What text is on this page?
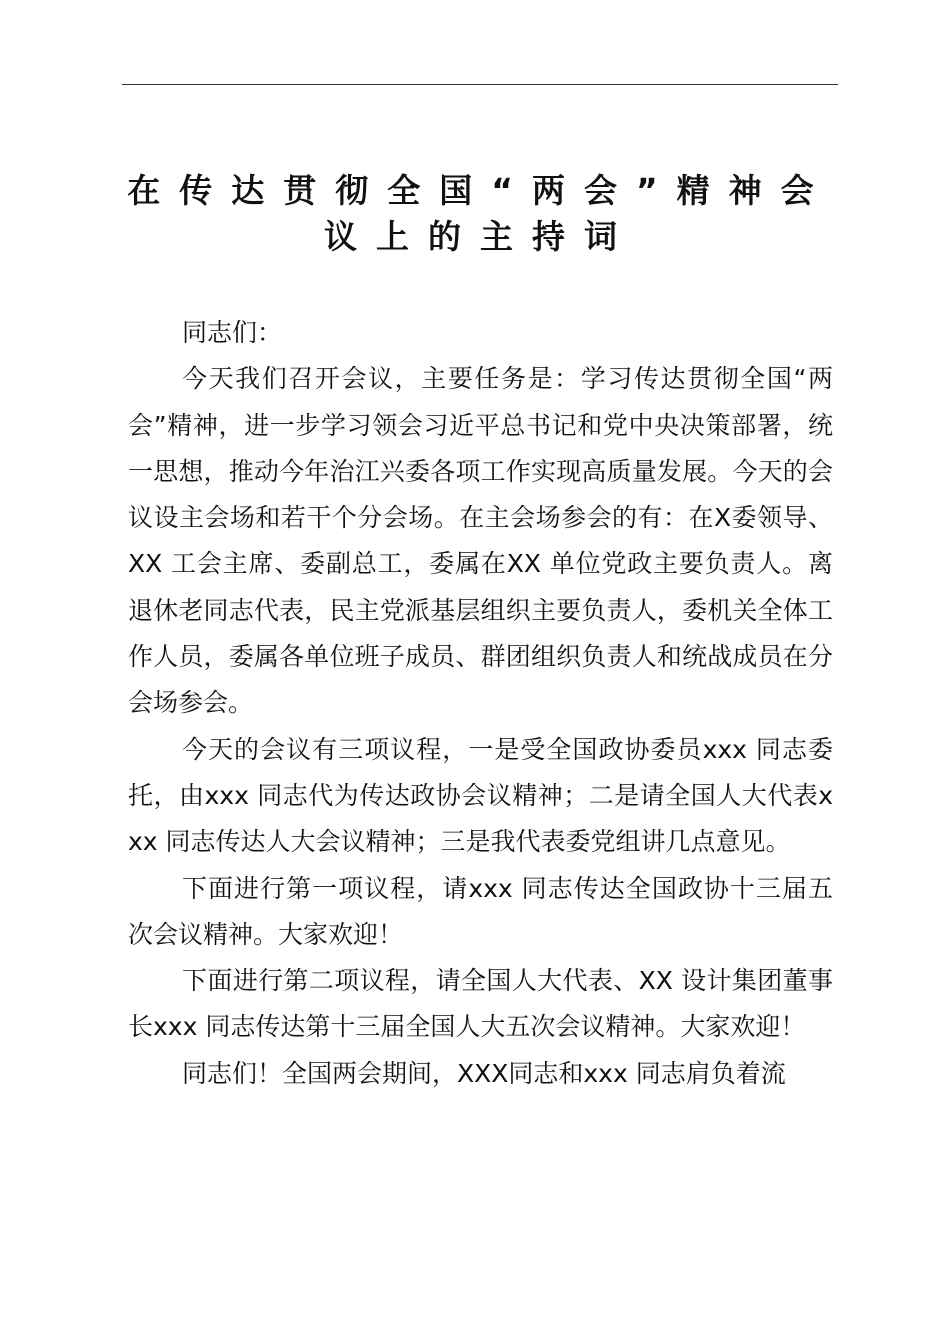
在传达贯彻全国“两会”精神会
议上的主持词

同志们：

今天我们召开会议，主要任务是：学习传达贯彻全国“两会”精神，进一步学习领会习近平总书记和党中央决策部署，统一思想，推动今年治江兴委各项工作实现高质量发展。今天的会议设主会场和若干个分会场。在主会场参会的有：在X委领导、XX 工会主席、委副总工，委属在XX 单位党政主要负责人。离退休老同志代表，民主党派基层组织主要负责人，委机关全体工作人员，委属各单位班子成员、群团组织负责人和统战成员在分会场参会。

今天的会议有三项议程，一是受全国政协委员xxx 同志委托，由xxx 同志代为传达政协会议精神；二是请全国人大代表xxx 同志传达人大会议精神；三是我代表委党组讲几点意见。

下面进行第一项议程，请xxx 同志传达全国政协十三届五次会议精神。大家欢迎！

下面进行第二项议程，请全国人大代表、XX 设计集团董事长xxx 同志传达第十三届全国人大五次会议精神。大家欢迎！

同志们！全国两会期间，XXX同志和xxx 同志肩负着流
